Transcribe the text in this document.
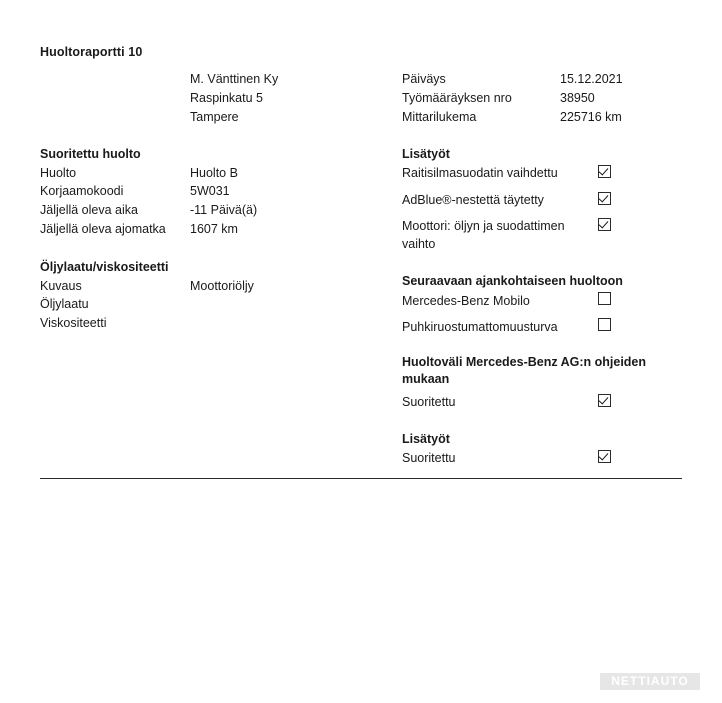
Huoltoraportti 10
M. Vänttinen Ky
Raspinkatu 5
Tampere
Päiväys	15.12.2021
Työmääräyksen nro	38950
Mittarilukema	225716 km
Suoritettu huolto
Huolto	Huolto B
Korjaamokoodi	5W031
Jäljellä oleva aika	-11 Päivä(ä)
Jäljellä oleva ajomatka 1607 km
Öljylaatu/viskositeetti
Kuvaus	Moottoriöljy
Öljylaatu
Viskositeetti
Lisätyöt
Raitisilmasuodatin vaihdettu
AdBlue®-nestettä täytetty
Moottori: öljyn ja suodattimen vaihto
Seuraavaan ajankohtaiseen huoltoon
Mercedes-Benz Mobilo
Puhkiruostumattomuusturva
Huoltoväli Mercedes-Benz AG:n ohjeiden mukaan
Suoritettu
Lisätyöt
Suoritettu
NETTIAUTO
